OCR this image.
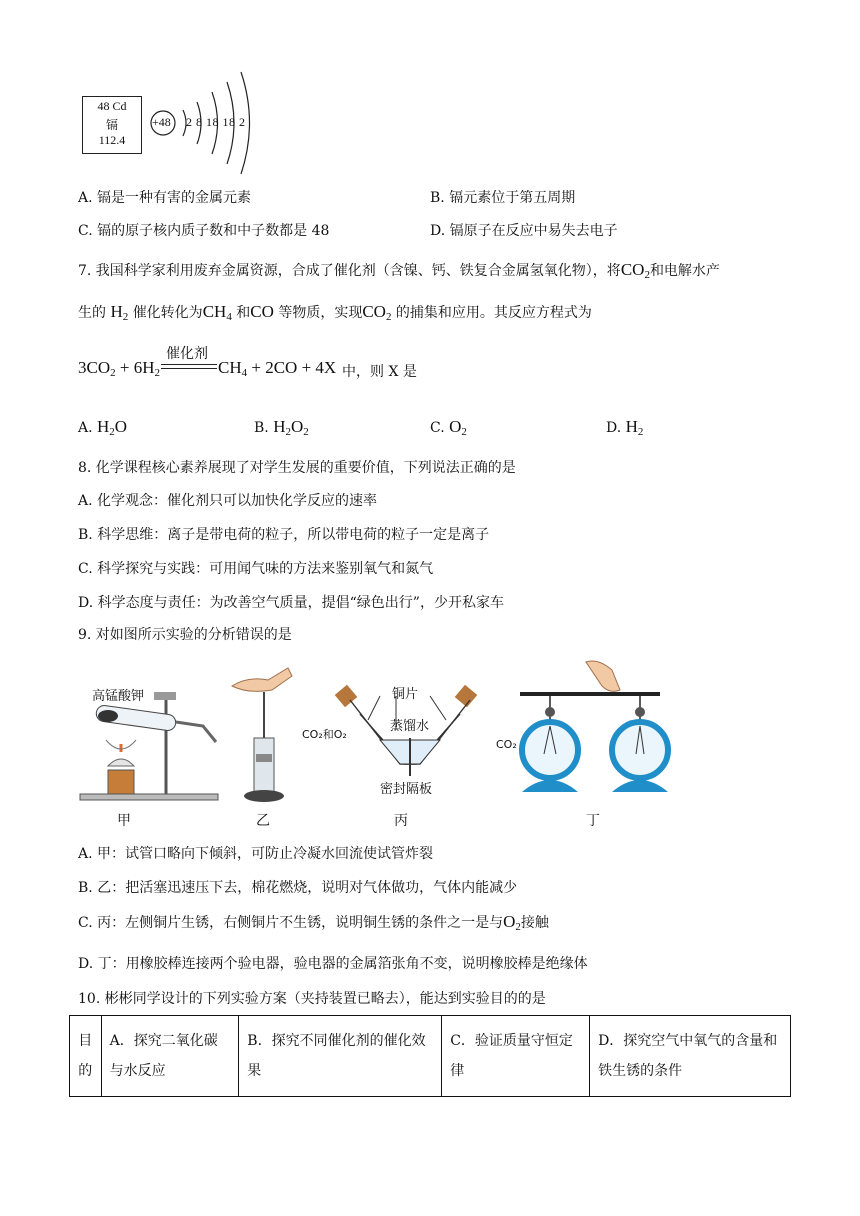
48 Cd
镉
112.4
+48 2 8 18 18 2
A. 镉是一种有害的金属元素	B. 镉元素位于第五周期
C. 镉的原子核内质子数和中子数都是 48	D. 镉原子在反应中易失去电子
7. 我国科学家利用废弃金属资源，合成了催化剂（含镍、钙、铁复合金属氢氧化物），将$CO_2$和电解水产
生的 $H_2$ 催化转化为$CH_4$ 和CO 等物质，实现$CO_2$ 的捕集和应用。其反应方程式为
$3CO_2 + 6H_2$
催化剂
$CH_4 + 2CO + 4X$ 中，则 X 是
A. $H_2O$	B. $H_2O_2$	C. $O_2$	D. $H_2$
8. 化学课程核心素养展现了对学生发展的重要价值，下列说法正确的是
A. 化学观念：催化剂只可以加快化学反应的速率
B. 科学思维：离子是带电荷的粒子，所以带电荷的粒子一定是离子
C. 科学探究与实践：可用闻气味的方法来鉴别氧气和氮气
D. 科学态度与责任：为改善空气质量，提倡“绿色出行”，少开私家车
9. 对如图所示实验的分析错误的是
高锰酸钾	铜片
蒸馏水
CO₂和O₂
CO₂
密封隔板
甲	乙	丙	丁
A. 甲：试管口略向下倾斜，可防止冷凝水回流使试管炸裂
B. 乙：把活塞迅速压下去，棉花燃烧，说明对气体做功，气体内能减少
C. 丙：左侧铜片生锈，右侧铜片不生锈，说明铜生锈的条件之一是与$O_2$接触
D. 丁：用橡胶棒连接两个验电器，验电器的金属箔张角不变，说明橡胶棒是绝缘体
10. 彬彬同学设计的下列实验方案（夹持装置已略去），能达到实验目的的是
目的	A．探究二氧化碳与水反应	B．探究不同催化剂的催化效果	C．验证质量守恒定律	D．探究空气中氧气的含量和铁生锈的条件
